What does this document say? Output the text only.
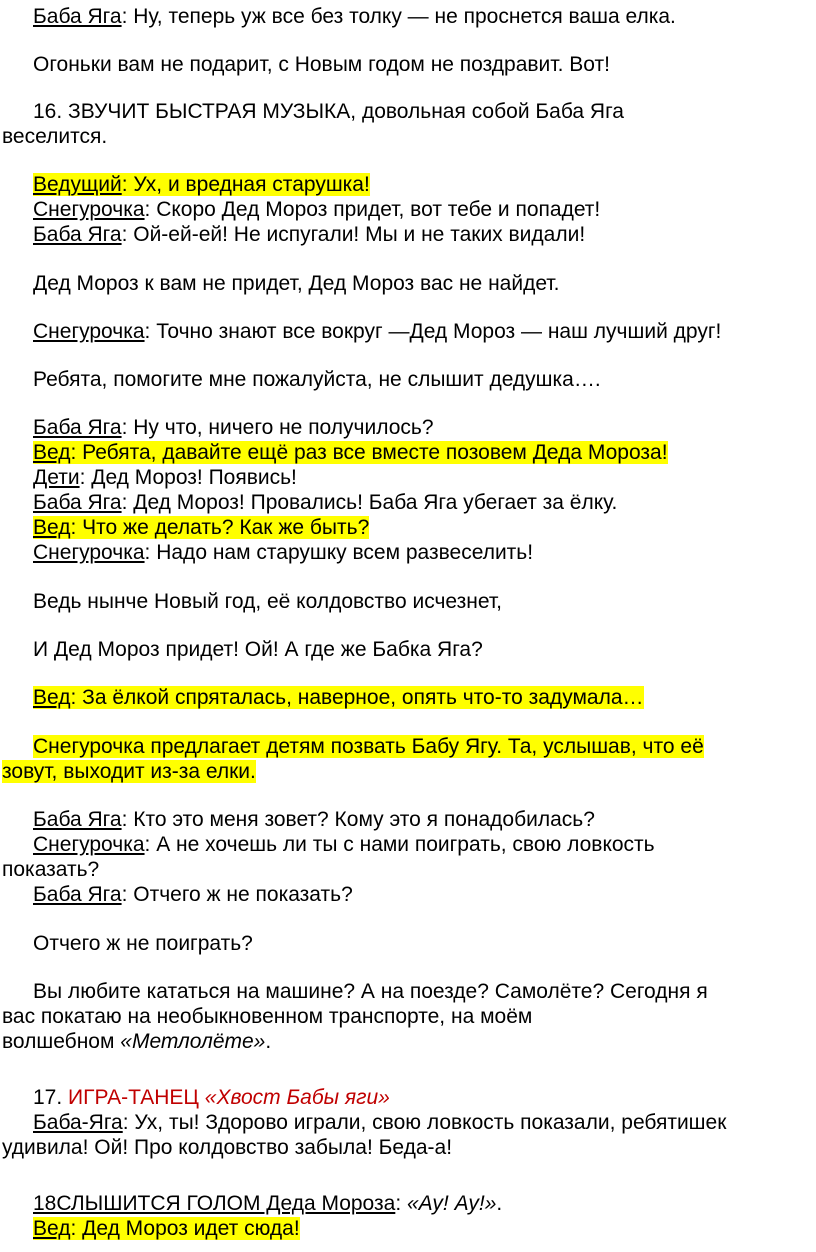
Баба Яга: Ну, теперь уж все без толку — не проснется ваша елка.
Огоньки вам не подарит, с Новым годом не поздравит. Вот!
16. ЗВУЧИТ БЫСТРАЯ МУЗЫКА, довольная собой Баба Яга
веселится.
Ведущий: Ух, и вредная старушка!
Снегурочка: Скоро Дед Мороз придет, вот тебе и попадет!
Баба Яга: Ой-ей-ей! Не испугали! Мы и не таких видали!
Дед Мороз к вам не придет, Дед Мороз вас не найдет.
Снегурочка: Точно знают все вокруг —Дед Мороз — наш лучший друг!
Ребята, помогите мне пожалуйста, не слышит дедушка….
Баба Яга: Ну что, ничего не получилось?
Вед: Ребята, давайте ещё раз все вместе позовем Деда Мороза!
Дети: Дед Мороз! Появись!
Баба Яга: Дед Мороз! Провались! Баба Яга убегает за ёлку.
Вед: Что же делать? Как же быть?
Снегурочка: Надо нам старушку всем развеселить!
Ведь нынче Новый год, её колдовство исчезнет,
И Дед Мороз придет! Ой! А где же Бабка Яга?
Вед: За ёлкой спряталась, наверное, опять что-то задумала…
Снегурочка предлагает детям позвать Бабу Ягу. Та, услышав, что её
зовут, выходит из-за елки.
Баба Яга: Кто это меня зовет? Кому это я понадобилась?
Снегурочка: А не хочешь ли ты с нами поиграть, свою ловкость
показать?
Баба Яга: Отчего ж не показать?
Отчего ж не поиграть?
Вы любите кататься на машине? А на поезде? Самолёте? Сегодня я
вас покатаю на необыкновенном транспорте, на моём
волшебном «Метлолёте».
17. ИГРА-ТАНЕЦ «Хвост Бабы яги»
Баба-Яга: Ух, ты! Здорово играли, свою ловкость показали, ребятишек
удивила! Ой! Про колдовство забыла! Беда-а!
18СЛЫШИТСЯ ГОЛОМ Деда Мороза: «Ау! Ау!».
Вед: Дед Мороз идет сюда!
